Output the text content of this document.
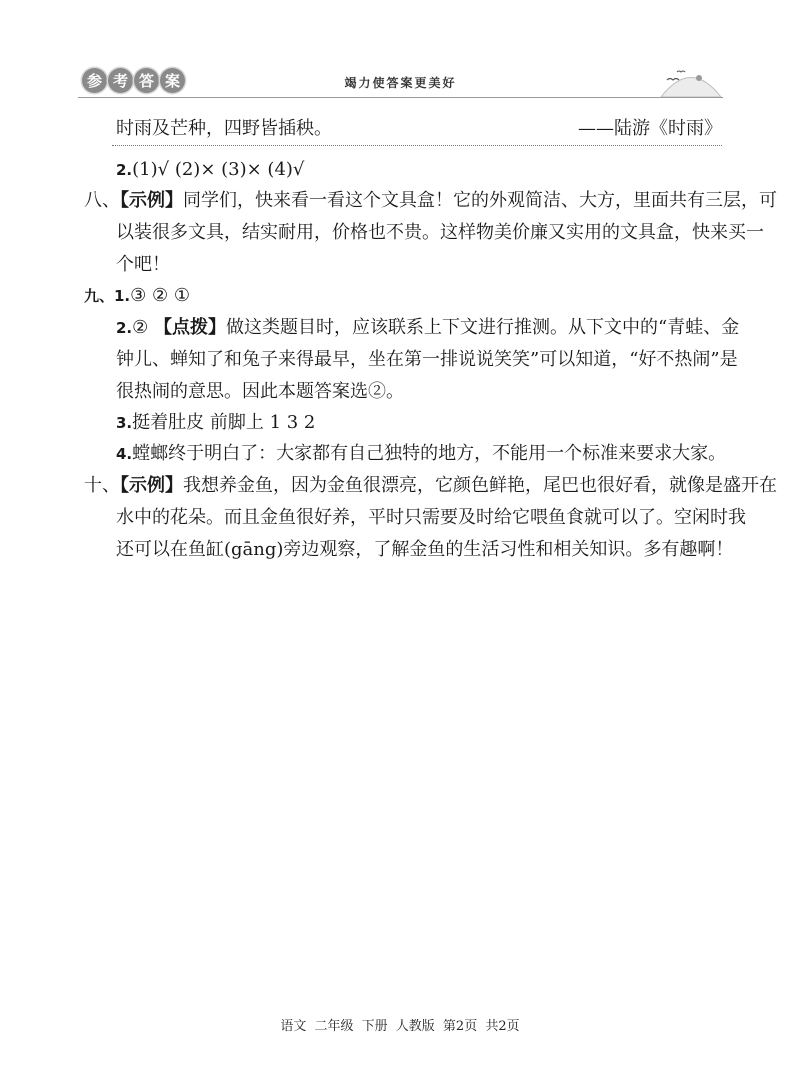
参 考 答 案	竭力使答案更美好
时雨及芒种，四野皆插秧。	——陆游《时雨》
2.(1)√ (2)× (3)× (4)√
八、【示例】同学们，快来看一看这个文具盒！它的外观简洁、大方，里面共有三层，可
以装很多文具，结实耐用，价格也不贵。这样物美价廉又实用的文具盒，快来买一
个吧！
九、1.③ ② ①
2.② 【点拨】做这类题目时，应该联系上下文进行推测。从下文中的“青蛙、金
钟儿、蝉知了和兔子来得最早，坐在第一排说说笑笑”可以知道，“好不热闹”是
很热闹的意思。因此本题答案选②。
3.挺着肚皮 前脚上 1 3 2
4.螳螂终于明白了：大家都有自己独特的地方，不能用一个标准来要求大家。
十、【示例】我想养金鱼，因为金鱼很漂亮，它颜色鲜艳，尾巴也很好看，就像是盛开在
水中的花朵。而且金鱼很好养，平时只需要及时给它喂鱼食就可以了。空闲时我
还可以在鱼缸(gāng)旁边观察，了解金鱼的生活习性和相关知识。多有趣啊！
语文 二年级 下册 人教版 第2页 共2页
